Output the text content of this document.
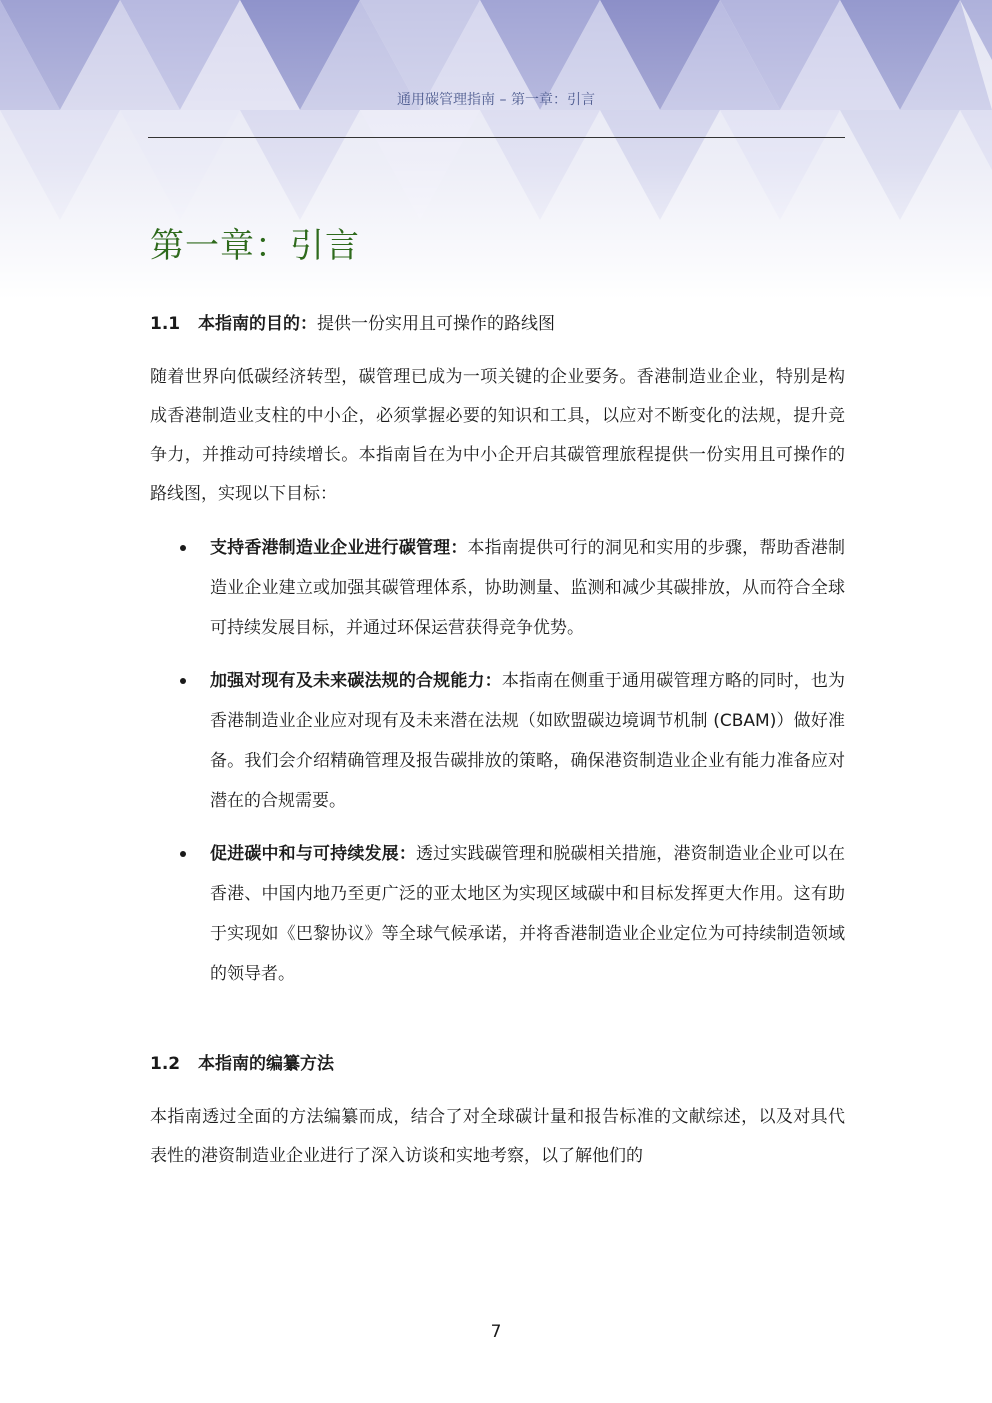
通用碳管理指南 – 第一章：引言
第一章：引言
1.1 本指南的目的：提供一份实用且可操作的路线图

随着世界向低碳经济转型，碳管理已成为一项关键的企业要务。香港制造业企业，特别是构成香港制造业支柱的中小企，必须掌握必要的知识和工具，以应对不断变化的法规，提升竞争力，并推动可持续增长。本指南旨在为中小企开启其碳管理旅程提供一份实用且可操作的路线图，实现以下目标：

支持香港制造业企业进行碳管理：本指南提供可行的洞见和实用的步骤，帮助香港制造业企业建立或加强其碳管理体系，协助测量、监测和减少其碳排放，从而符合全球可持续发展目标，并通过环保运营获得竞争优势。
加强对现有及未来碳法规的合规能力：本指南在侧重于通用碳管理方略的同时，也为香港制造业企业应对现有及未来潜在法规（如欧盟碳边境调节机制 (CBAM)）做好准备。我们会介绍精确管理及报告碳排放的策略，确保港资制造业企业有能力准备应对潜在的合规需要。
促进碳中和与可持续发展：透过实践碳管理和脱碳相关措施，港资制造业企业可以在香港、中国内地乃至更广泛的亚太地区为实现区域碳中和目标发挥更大作用。这有助于实现如《巴黎协议》等全球气候承诺，并将香港制造业企业定位为可持续制造领域的领导者。
1.2 本指南的编纂方法

本指南透过全面的方法编纂而成，结合了对全球碳计量和报告标准的文献综述，以及对具代表性的港资制造业企业进行了深入访谈和实地考察，以了解他们的

7
